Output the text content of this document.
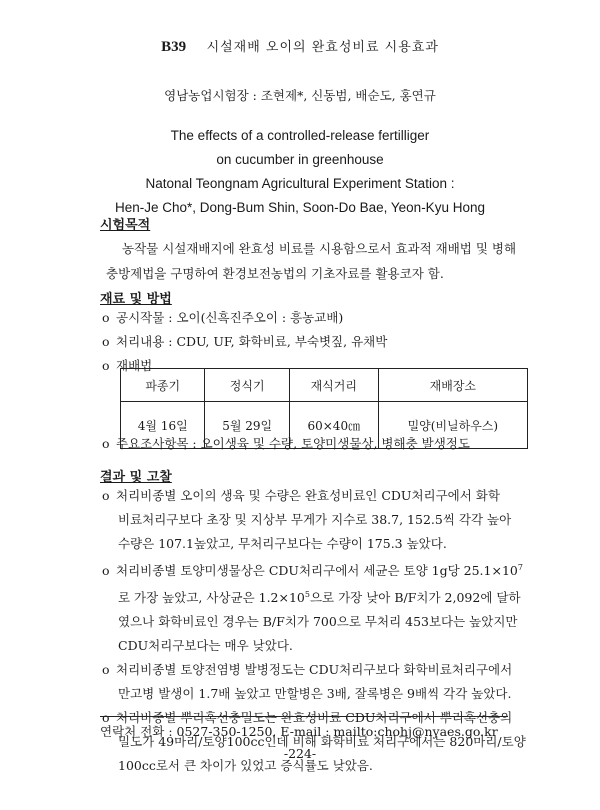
B39 시설재배 오이의 완효성비료 시용효과
영남농업시험장 : 조현제*, 신동범, 배순도, 홍연규
The effects of a controlled-release fertilliger
on cucumber in greenhouse
Natonal Teongnam Agricultural Experiment Station :
Hen-Je Cho*, Dong-Bum Shin, Soon-Do Bae, Yeon-Kyu Hong
시험목적
농작물 시설재배지에 완효성 비료를 시용함으로서 효과적 재배법 및 병해
충방제법을 구명하여 환경보전농법의 기초자료를 활용코자 함.
재료 및 방법
o 공시작물 : 오이(신흑진주오이 : 흥농교배)
o 처리내용 : CDU, UF, 화학비료, 부숙볏짚, 유채박
o 재배법
파종기	정식기	재식거리	재배장소
4월 16일	5월 29일	60×40㎝	밀양(비닐하우스)
o 주요조사항목 : 오이생육 및 수량, 토양미생물상, 병해충 발생정도
결과 및 고찰
o 처리비종별 오이의 생육 및 수량은 완효성비료인 CDU처리구에서 화학
비료처리구보다 초장 및 지상부 무게가 지수로 38.7, 152.5씩 각각 높아
수량은 107.1높았고, 무처리구보다는 수량이 175.3 높았다.
o 처리비종별 토양미생물상은 CDU처리구에서 세균은 토양 1g당 $25.1\times 10^7$
로 가장 높았고, 사상균은 $1.2\times 10^5$으로 가장 낮아 B/F치가 2,092에 달하
였으나 화학비료인 경우는 B/F치가 700으로 무처리 453보다는 높았지만
CDU처리구보다는 매우 낮았다.
o 처리비종별 토양전염병 발병정도는 CDU처리구보다 화학비료처리구에서
만고병 발생이 1.7배 높았고 만할병은 3배, 잘록병은 9배씩 각각 높았다.
o 처리비종별 뿌리혹선충밀도는 완효성비료 CDU처리구에서 뿌리혹선충의
밀도가 49마리/토양100cc인데 비해 화학비료 처리구에서는 820마리/토양
100cc로서 큰 차이가 있었고 증식률도 낮았음.
연락처 전화 : 0527-350-1250, E-mail : mailto:chohj@nyaes.go.kr
-224-
